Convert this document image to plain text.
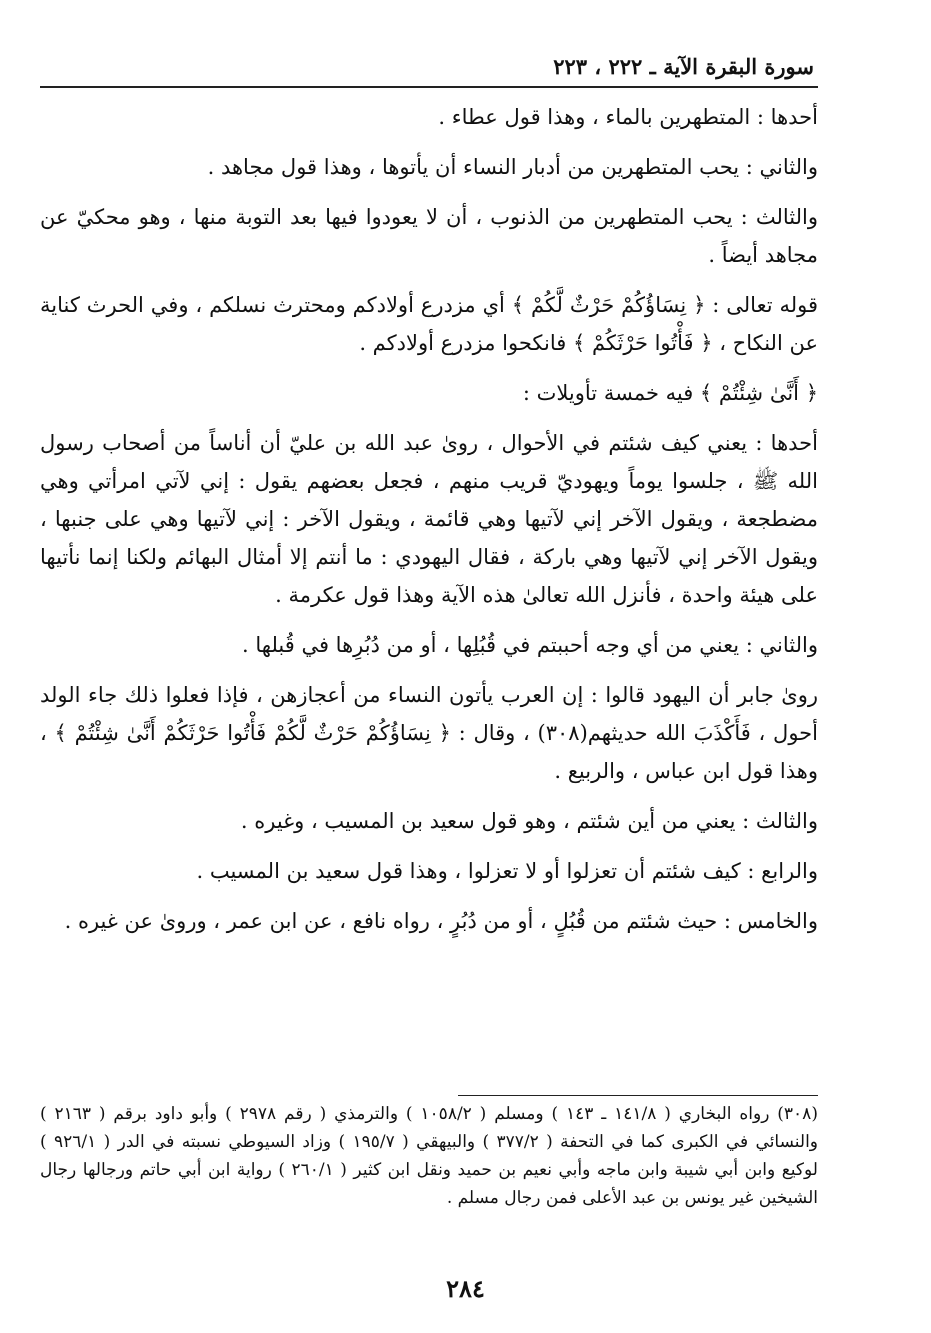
سورة البقرة الآية ـ ٢٢٢ ، ٢٢٣

أحدها : المتطهرين بالماء ، وهذا قول عطاء .

والثاني : يحب المتطهرين من أدبار النساء أن يأتوها ، وهذا قول مجاهد .

والثالث : يحب المتطهرين من الذنوب ، أن لا يعودوا فيها بعد التوبة منها ، وهو محكيّ عن مجاهد أيضاً .

قوله تعالى : ﴿ نِسَاؤُكُمْ حَرْثٌ لَّكُمْ ﴾ أي مزدرع أولادكم ومحترث نسلكم ، وفي الحرث كناية عن النكاح ، ﴿ فَأْتُوا حَرْثَكُمْ ﴾ فانكحوا مزدرع أولادكم .

﴿ أَنَّىٰ شِئْتُمْ ﴾ فيه خمسة تأويلات :

أحدها : يعني كيف شئتم في الأحوال ، روىٰ عبد الله بن عليّ أن أناساً من أصحاب رسول الله ﷺ ، جلسوا يوماً ويهوديّ قريب منهم ، فجعل بعضهم يقول : إني لآتي امرأتي وهي مضطجعة ، ويقول الآخر إني لآتيها وهي قائمة ، ويقول الآخر : إني لآتيها وهي على جنبها ، ويقول الآخر إني لآتيها وهي باركة ، فقال اليهودي : ما أنتم إلا أمثال البهائم ولكنا إنما نأتيها على هيئة واحدة ، فأنزل الله تعالىٰ هذه الآية وهذا قول عكرمة .

والثاني : يعني من أي وجه أحببتم في قُبُلِها ، أو من دُبُرِها في قُبلها .

روىٰ جابر أن اليهود قالوا : إن العرب يأتون النساء من أعجازهن ، فإذا فعلوا ذلك جاء الولد أحول ، فَأَكْذَبَ الله حديثهم(٣٠٨) ، وقال : ﴿ نِسَاؤُكُمْ حَرْثٌ لَّكُمْ فَأْتُوا حَرْثَكُمْ أَنَّىٰ شِئْتُمْ ﴾ ، وهذا قول ابن عباس ، والربيع .

والثالث : يعني من أين شئتم ، وهو قول سعيد بن المسيب ، وغيره .

والرابع : كيف شئتم أن تعزلوا أو لا تعزلوا ، وهذا قول سعيد بن المسيب .

والخامس : حيث شئتم من قُبُلٍ ، أو من دُبُرٍ ، رواه نافع ، عن ابن عمر ، وروىٰ عن غيره .

(٣٠٨) رواه البخاري ( ١٤١/٨ ـ ١٤٣ ) ومسلم ( ١٠٥٨/٢ ) والترمذي ( رقم ٢٩٧٨ ) وأبو داود برقم ( ٢١٦٣ ) والنسائي في الكبرى كما في التحفة ( ٣٧٧/٢ ) والبيهقي ( ١٩٥/٧ ) وزاد السيوطي نسبته في الدر ( ٩٢٦/١ ) لوكيع وابن أبي شيبة وابن ماجه وأبي نعيم بن حميد ونقل ابن كثير ( ٢٦٠/١ ) رواية ابن أبي حاتم ورجالها رجال الشيخين غير يونس بن عبد الأعلى فمن رجال مسلم .
٢٨٤
